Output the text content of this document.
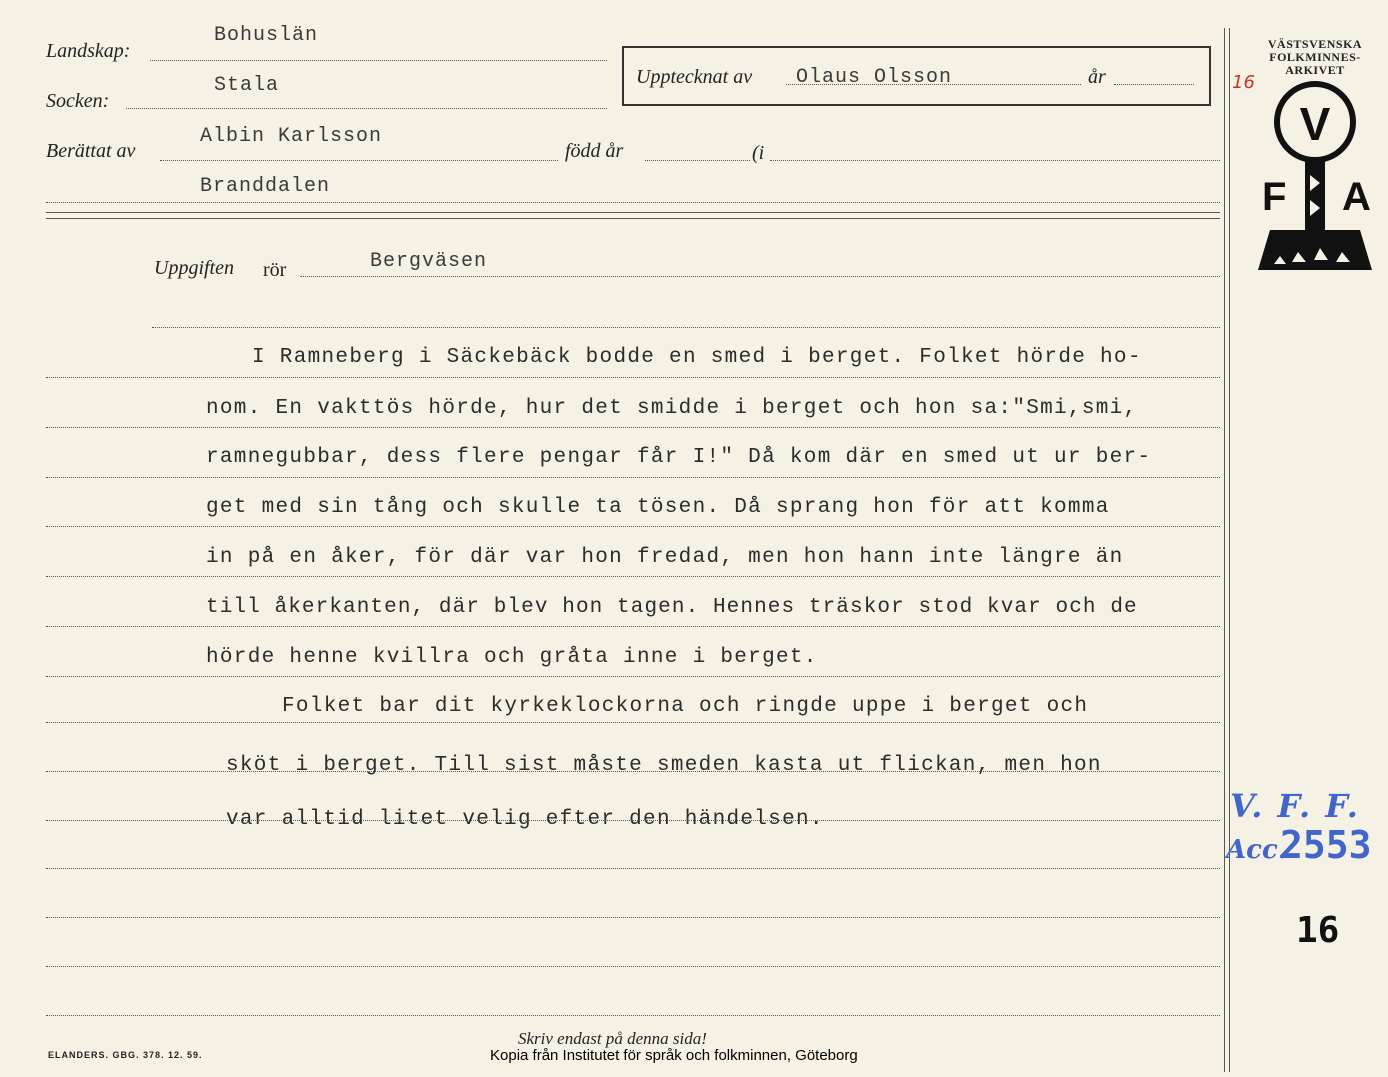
Landskap:
Bohuslän
Socken:
Stala
Berättat av
Albin Karlsson
född år	(i
Branddalen
Upptecknat av Olaus Olsson	år
Uppgiften rör	Bergväsen
I Ramneberg i Säckebäck bodde en smed i berget. Folket hörde ho-
nom. En vakttös hörde, hur det smidde i berget och hon sa:"Smi,smi,
ramnegubbar, dess flere pengar får I!" Då kom där en smed ut ur ber-
get med sin tång och skulle ta tösen. Då sprang hon för att komma
in på en åker, för där var hon fredad, men hon hann inte längre än
till åkerkanten, där blev hon tagen. Hennes träskor stod kvar och de
hörde henne kvillra och gråta inne i berget.
Folket bar dit kyrkeklockorna och ringde uppe i berget och
sköt i berget. Till sist måste smeden kasta ut flickan, men hon
var alltid litet velig efter den händelsen.
16
VÄSTSVENSKA
FOLKMINNES-
ARKIVET
V
F A
V. F. F.
Acc.
2553
16
ELANDERS. GBG. 378. 12. 59.
Skriv endast på denna sida!
Kopia från Institutet för språk och folkminnen, Göteborg
